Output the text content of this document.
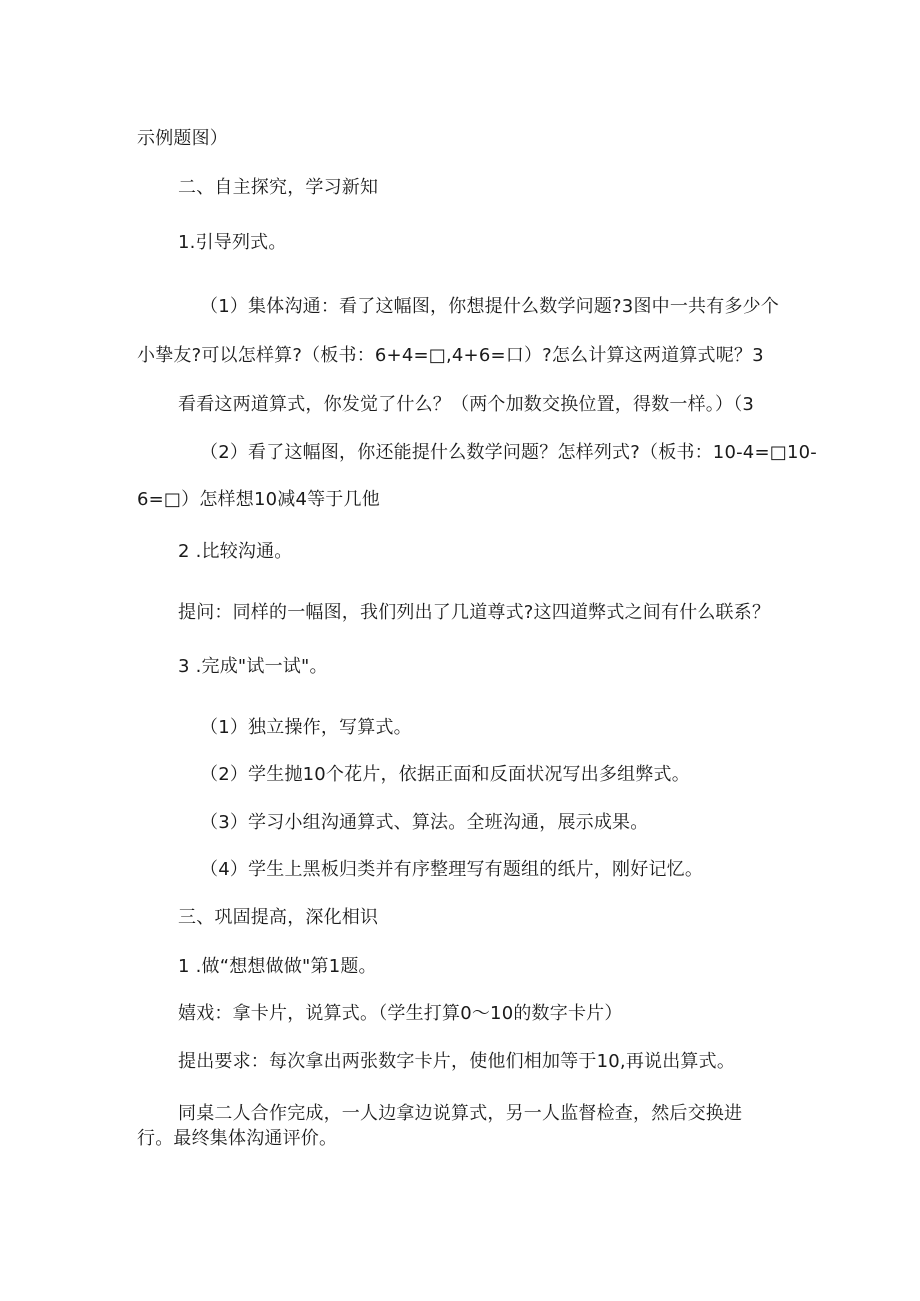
示例题图）
二、自主探究，学习新知
1.引导列式。
（1）集体沟通：看了这幅图，你想提什么数学问题?3图中一共有多少个
小挚友?可以怎样算?（板书：6+4=□,4+6=口）?怎么计算这两道算式呢？3
看看这两道算式，你发觉了什么？（两个加数交换位置，得数一样。）（3
（2）看了这幅图，你还能提什么数学问题？怎样列式?（板书：10-4=□10-
6=□）怎样想10减4等于几他
2 .比较沟通。
提问：同样的一幅图，我们列出了几道尊式?这四道弊式之间有什么联系？
3 .完成"试一试"。
（1）独立操作，写算式。
（2）学生抛10个花片，依据正面和反面状况写出多组弊式。
（3）学习小组沟通算式、算法。全班沟通，展示成果。
（4）学生上黑板归类并有序整理写有题组的纸片，刚好记忆。
三、巩固提高，深化相识
1 .做“想想做做"第1题。
嬉戏：拿卡片，说算式。（学生打算0～10的数字卡片）
提出要求：每次拿出两张数字卡片，使他们相加等于10,再说出算式。
同桌二人合作完成，一人边拿边说算式，另一人监督检查，然后交换进
行。最终集体沟通评价。
